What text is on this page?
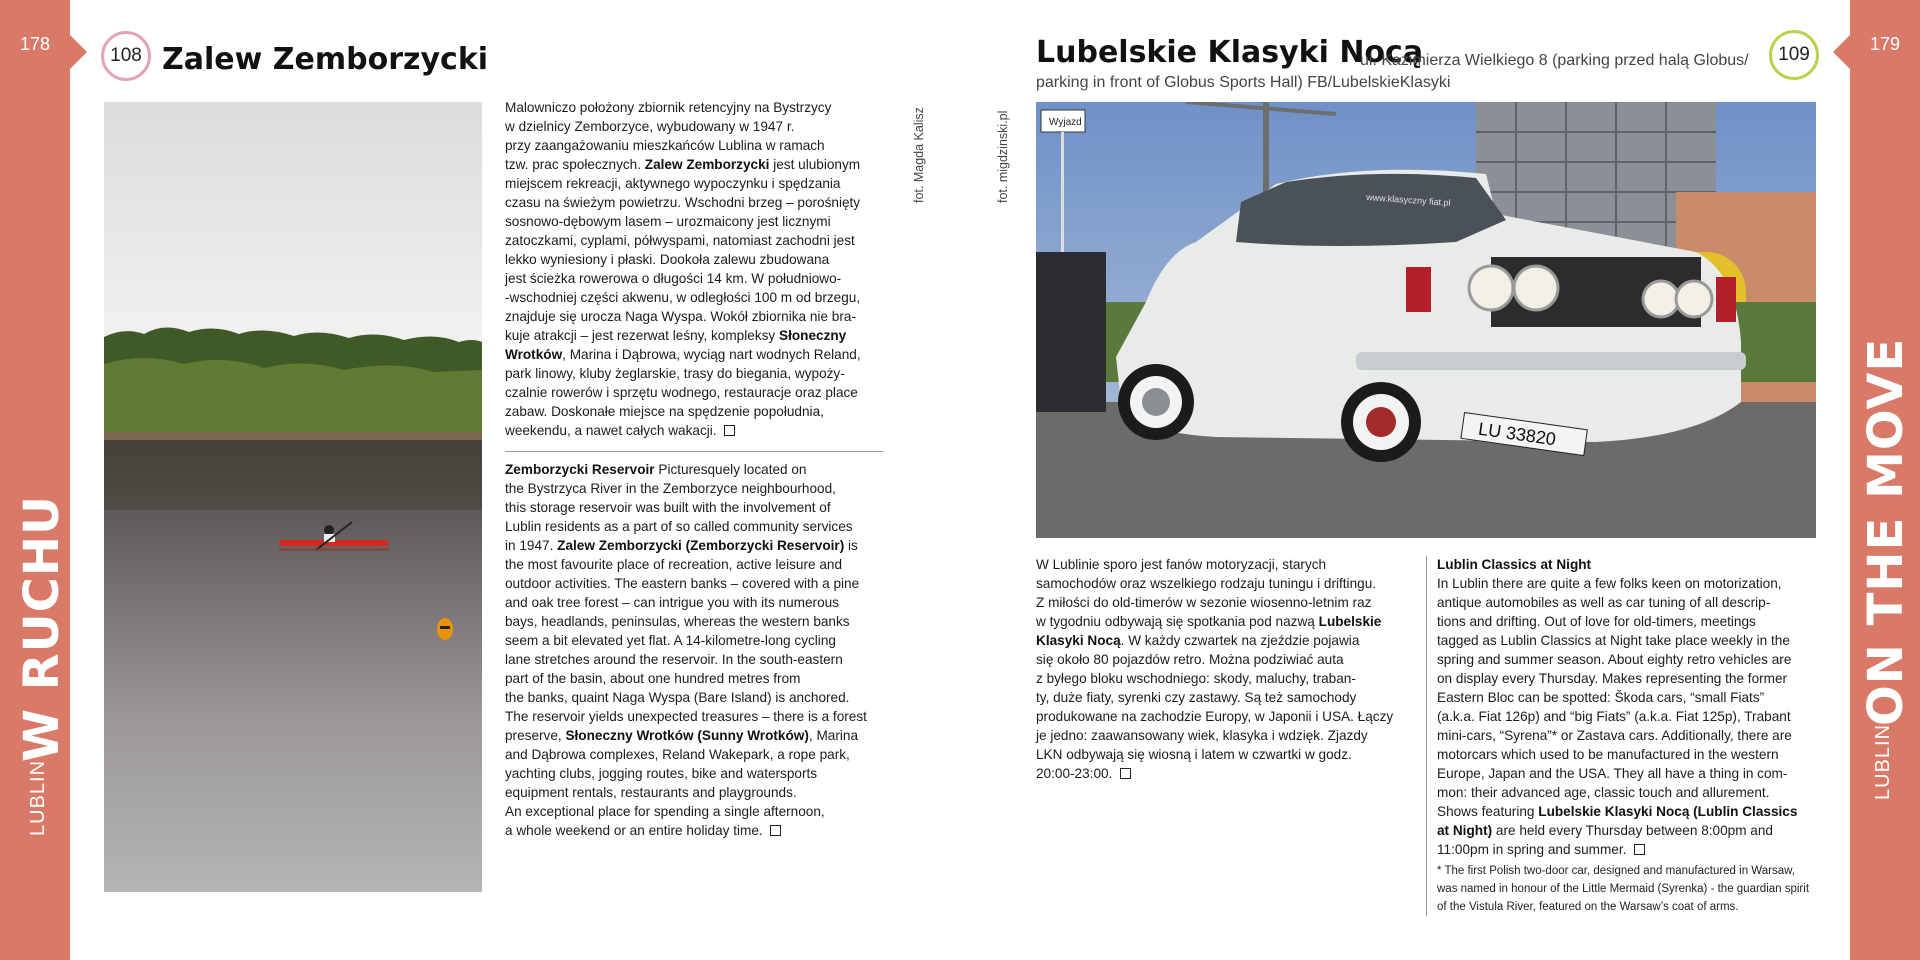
178
W RUCHU
LUBLIN
179
ON THE MOVE
LUBLIN
108 Zalew Zemborzycki

Malowniczo położony zbiornik retencyjny na Bystrzycy
w dzielnicy Zemborzyce, wybudowany w 1947 r.
przy zaangażowaniu mieszkańców Lublina w ramach
tzw. prac społecznych. Zalew Zemborzycki jest ulubionym
miejscem rekreacji, aktywnego wypoczynku i spędzania
czasu na świeżym powietrzu. Wschodni brzeg – porośnięty
sosnowo-dębowym lasem – urozmaicony jest licznymi
zatoczkami, cyplami, półwyspami, natomiast zachodni jest
lekko wyniesiony i płaski. Dookoła zalewu zbudowana
jest ścieżka rowerowa o długości 14 km. W południowo-
-wschodniej części akwenu, w odległości 100 m od brzegu,
znajduje się urocza Naga Wyspa. Wokół zbiornika nie bra-
kuje atrakcji – jest rezerwat leśny, kompleksy Słoneczny
Wrotków, Marina i Dąbrowa, wyciąg nart wodnych Reland,
park linowy, kluby żeglarskie, trasy do biegania, wypoży-
czalnie rowerów i sprzętu wodnego, restauracje oraz place
zabaw. Doskonałe miejsce na spędzenie popołudnia,
weekendu, a nawet całych wakacji.

Zemborzycki Reservoir Picturesquely located on
the Bystrzyca River in the Zemborzyce neighbourhood,
this storage reservoir was built with the involvement of
Lublin residents as a part of so called community services
in 1947. Zalew Zemborzycki (Zemborzycki Reservoir) is
the most favourite place of recreation, active leisure and
outdoor activities. The eastern banks – covered with a pine
and oak tree forest – can intrigue you with its numerous
bays, headlands, peninsulas, whereas the western banks
seem a bit elevated yet flat. A 14-kilometre-long cycling
lane stretches around the reservoir. In the south-eastern
part of the basin, about one hundred metres from
the banks, quaint Naga Wyspa (Bare Island) is anchored.
The reservoir yields unexpected treasures – there is a forest
preserve, Słoneczny Wrotków (Sunny Wrotków), Marina
and Dąbrowa complexes, Reland Wakepark, a rope park,
yachting clubs, jogging routes, bike and watersports
equipment rentals, restaurants and playgrounds.
An exceptional place for spending a single afternoon,
a whole weekend or an entire holiday time.

fot. Magda Kalisz	fot. migdzinski.pl
Lubelskie Klasyki Nocą
ul. Kazimierza Wielkiego 8 (parking przed halą Globus/
parking in front of Globus Sports Hall) FB/LubelskieKlasyki
109
Wyjazd
LU 33820
www.klasyczny fiat.pl

W Lublinie sporo jest fanów motoryzacji, starych
samochodów oraz wszelkiego rodzaju tuningu i driftingu.
Z miłości do old-timerów w sezonie wiosenno-letnim raz
w tygodniu odbywają się spotkania pod nazwą Lubelskie
Klasyki Nocą. W każdy czwartek na zjeździe pojawia
się około 80 pojazdów retro. Można podziwiać auta
z byłego bloku wschodniego: skody, maluchy, traban-
ty, duże fiaty, syrenki czy zastawy. Są też samochody
produkowane na zachodzie Europy, w Japonii i USA. Łączy
je jedno: zaawansowany wiek, klasyka i wdzięk. Zjazdy
LKN odbywają się wiosną i latem w czwartki w godz.
20:00-23:00.

Lublin Classics at Night
In Lublin there are quite a few folks keen on motorization,
antique automobiles as well as car tuning of all descrip-
tions and drifting. Out of love for old-timers, meetings
tagged as Lublin Classics at Night take place weekly in the
spring and summer season. About eighty retro vehicles are
on display every Thursday. Makes representing the former
Eastern Bloc can be spotted: Škoda cars, “small Fiats”
(a.k.a. Fiat 126p) and “big Fiats” (a.k.a. Fiat 125p), Trabant
mini-cars, “Syrena”* or Zastava cars. Additionally, there are
motorcars which used to be manufactured in the western
Europe, Japan and the USA. They all have a thing in com-
mon: their advanced age, classic touch and allurement.
Shows featuring Lubelskie Klasyki Nocą (Lublin Classics
at Night) are held every Thursday between 8:00pm and
11:00pm in spring and summer.

* The first Polish two-door car, designed and manufactured in Warsaw,
was named in honour of the Little Mermaid (Syrenka) - the guardian spirit
of the Vistula River, featured on the Warsaw’s coat of arms.
